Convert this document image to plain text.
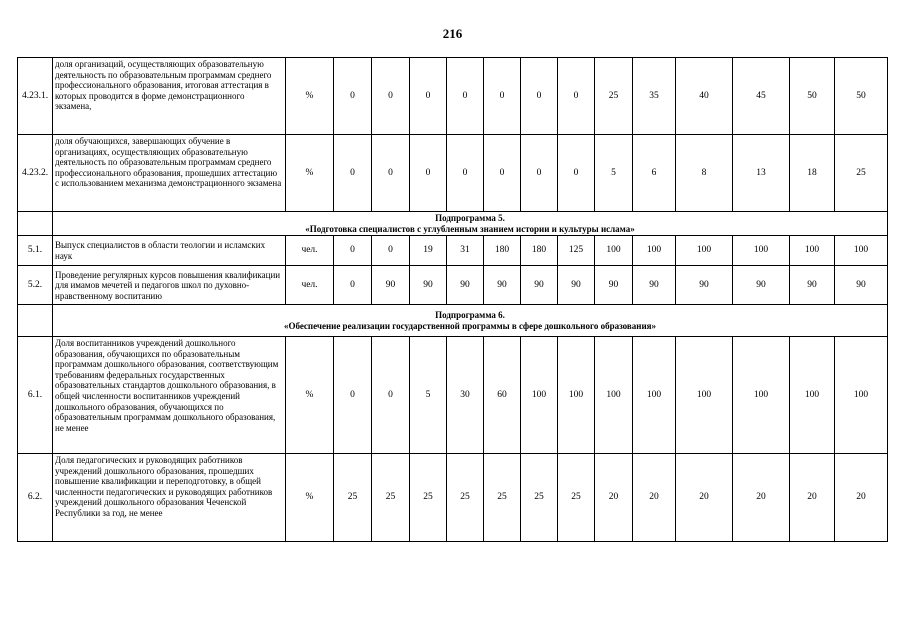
216
4.23.1.	доля организаций, осуществляющих образовательную деятельность по образовательным программам среднего профессионального образования, итоговая аттестация в которых проводится в форме демонстрационного экзамена,	%	0	0	0	0	0	0	0	25	35	40	45	50	50
4.23.2.	доля обучающихся, завершающих обучение в организациях, осуществляющих образовательную деятельность по образовательным программам среднего профессионального образования, прошедших аттестацию с использованием механизма демонстрационного экзамена	%	0	0	0	0	0	0	0	5	6	8	13	18	25

	Подпрограмма 5.
«Подготовка специалистов с углубленным знанием истории и культуры ислама»														

5.1.	Выпуск специалистов в области теологии и исламских наук	чел.	0	0	19	31	180	180	125	100	100	100	100	100	100
5.2.	Проведение регулярных курсов повышения квалификации для имамов мечетей и педагогов школ по духовно-нравственному воспитанию	чел.	0	90	90	90	90	90	90	90	90	90	90	90	90

	Подпрограмма 6.
«Обеспечение реализации государственной программы в сфере дошкольного образования»														

6.1.	Доля воспитанников учреждений дошкольного образования, обучающихся по образовательным программам дошкольного образования, соответствующим требованиям федеральных государственных образовательных стандартов дошкольного образования, в общей численности воспитанников учреждений дошкольного образования, обучающихся по образовательным программам дошкольного образования, не менее	%	0	0	5	30	60	100	100	100	100	100	100	100	100
6.2.	Доля педагогических и руководящих работников учреждений дошкольного образования, прошедших повышение квалификации и переподготовку, в общей численности педагогических и руководящих работников учреждений дошкольного образования Чеченской Республики за год, не менее	%	25	25	25	25	25	25	25	20	20	20	20	20	20
